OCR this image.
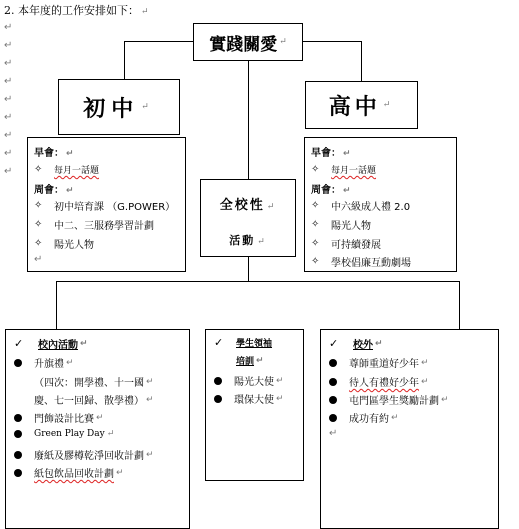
↵
↵
↵
↵
↵
↵
↵
↵
↵
2. 本年度的工作安排如下： ↵
實踐關愛 ↵
初中 ↵	高中 ↵
早會： ↵
✧	每月一話題
周會： ↵
✧	初中培育課 （G.POWER）
✧	中二、三服務學習計劃
✧	陽光人物
↵
全校性 ↵
活動 ↵
早會： ↵
✧	每月一話題
周會： ↵
✧	中六級成人禮 2.0
✧	陽光人物
✧	可持續發展
✧	學校倡廉互動劇場
✓	校內活動 ↵
升旗禮 ↵
（四次：開學禮、十一國 ↵
慶、七一回歸、散學禮） ↵
門飾設計比賽 ↵
Green Play Day ↵
廢紙及膠樽乾淨回收計劃 ↵
紙包飲品回收計劃 ↵
✓	學生領袖
培訓 ↵
陽光大使 ↵
環保大使 ↵
✓	校外 ↵
尊師重道好少年 ↵
待人有禮好少年 ↵
屯門區學生獎勵計劃 ↵
成功有約 ↵
↵
